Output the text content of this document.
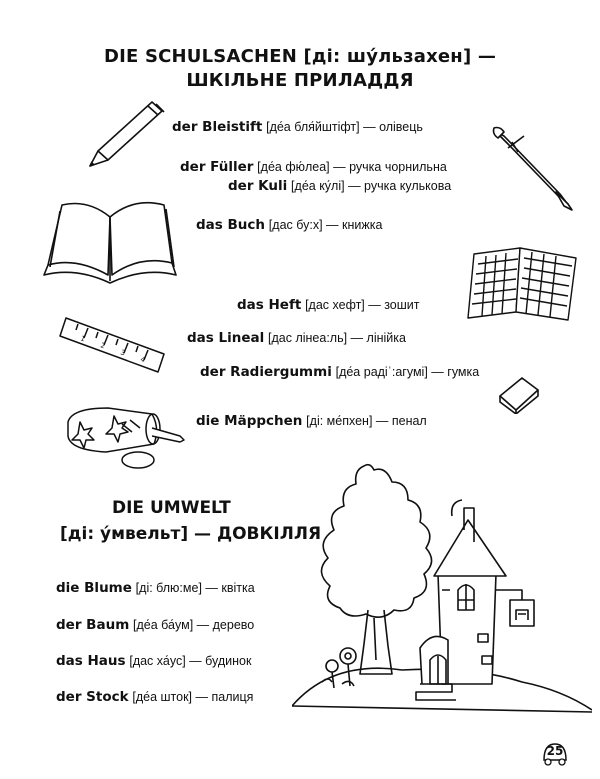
DIE SCHULSACHEN [ді: шу́льзахен] —
ШКІЛЬНЕ ПРИЛАДДЯ
der Bleistift [де́а бля́йштіфт] — олівець
der Füller [де́а фю́леа] — ручка чорнильна
der Kuli [де́а ку́лі] — ручка кулькова
das Buch [дас бу:х] — книжка
das Heft [дас хефт] — зошит
das Lineal [дас лінеа:ль] — лінійка
der Radiergummi [де́а радіˈ:агумі] — гумка
die Mäppchen [ді: ме́пхен] — пенал
DIE UMWELT
[ді: у́мвельт] — ДОВКІЛЛЯ
die Blume [ді: блю:ме] — квітка
der Baum [де́а ба́ум] — дерево
das Haus [дас ха́ус] — будинок
der Stock [де́а шток] — палиця
1
2
3
4
25
